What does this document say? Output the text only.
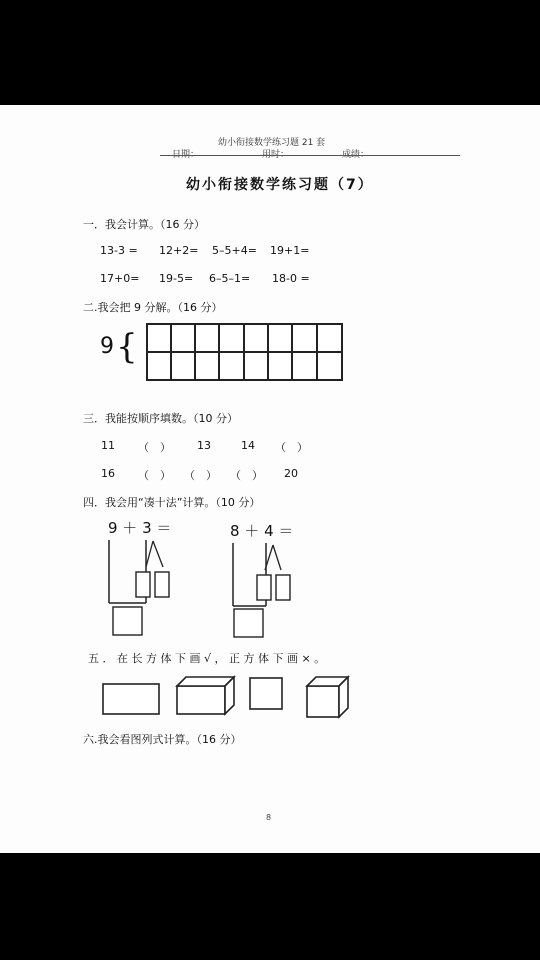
幼小衔接数学练习题 21 套
日期：	用时：	成绩：
幼小衔接数学练习题（7）
一．我会计算。（16 分）
13-3 = 12+2= 5–5+4= 19+1=
17+0= 19-5= 6–5–1= 18-0 =
二.我会把 9 分解。（16 分）
9 {
三．我能按顺序填数。（10 分）
11 （　） 13	14 （　）
16 （　） （　） （　） 20
四．我会用“凑十法”计算。（10 分）
9 ＋ 3 ＝	8 ＋ 4 ＝
五 ． 在 长 方 体 下 画 √ ， 正 方 体 下 画 × 。
六.我会看图列式计算。（16 分）
8
